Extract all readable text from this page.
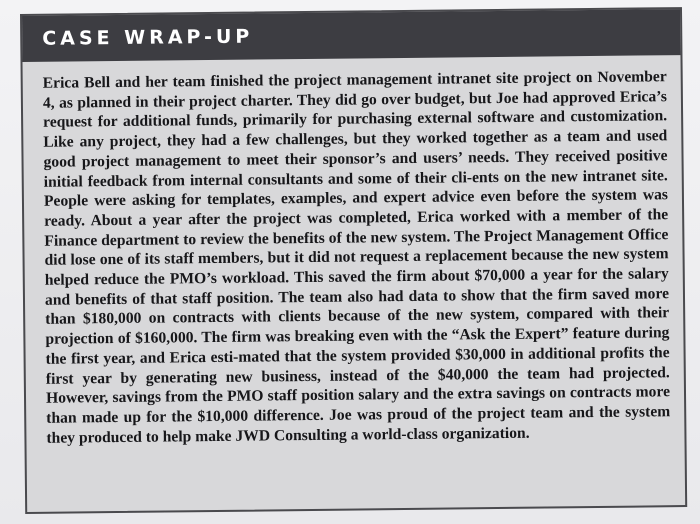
CASE WRAP-UP

Erica Bell and her team finished the project management intranet site project on November 4, as planned in their project charter. They did go over budget, but Joe had approved Erica’s request for additional funds, primarily for purchasing external software and customization. Like any project, they had a few challenges, but they worked together as a team and used good project management to meet their sponsor’s and users’ needs. They received positive initial feedback from internal consultants and some of their cli-ents on the new intranet site. People were asking for templates, examples, and expert advice even before the system was ready. About a year after the project was completed, Erica worked with a member of the Finance department to review the benefits of the new system. The Project Management Office did lose one of its staff members, but it did not request a replacement because the new system helped reduce the PMO’s workload. This saved the firm about $70,000 a year for the salary and benefits of that staff position. The team also had data to show that the firm saved more than $180,000 on contracts with clients because of the new system, compared with their projection of $160,000. The firm was breaking even with the “Ask the Expert” feature during the first year, and Erica esti-mated that the system provided $30,000 in additional profits the first year by generating new business, instead of the $40,000 the team had projected. However, savings from the PMO staff position salary and the extra savings on contracts more than made up for the $10,000 difference. Joe was proud of the project team and the system they produced to help make JWD Consulting a world-class organization.
